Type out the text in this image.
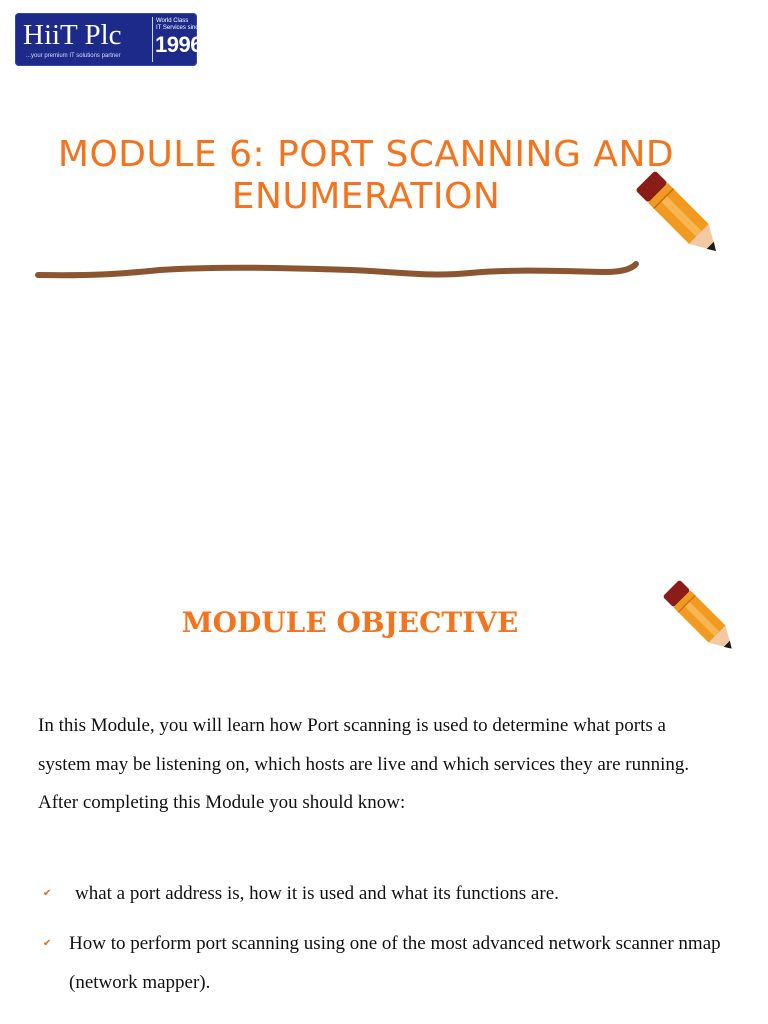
HiiT Plc
...your premium IT solutions partner
World Class
IT Services since
1996
MODULE 6: PORT SCANNING AND ENUMERATION
MODULE OBJECTIVE

In this Module, you will learn how Port scanning is used to determine what ports a system may be listening on, which hosts are live and which services they are running. After completing this Module you should know:

✔ what a port address is, how it is used and what its functions are.
✔ How to perform port scanning using one of the most advanced network scanner nmap (network mapper).
